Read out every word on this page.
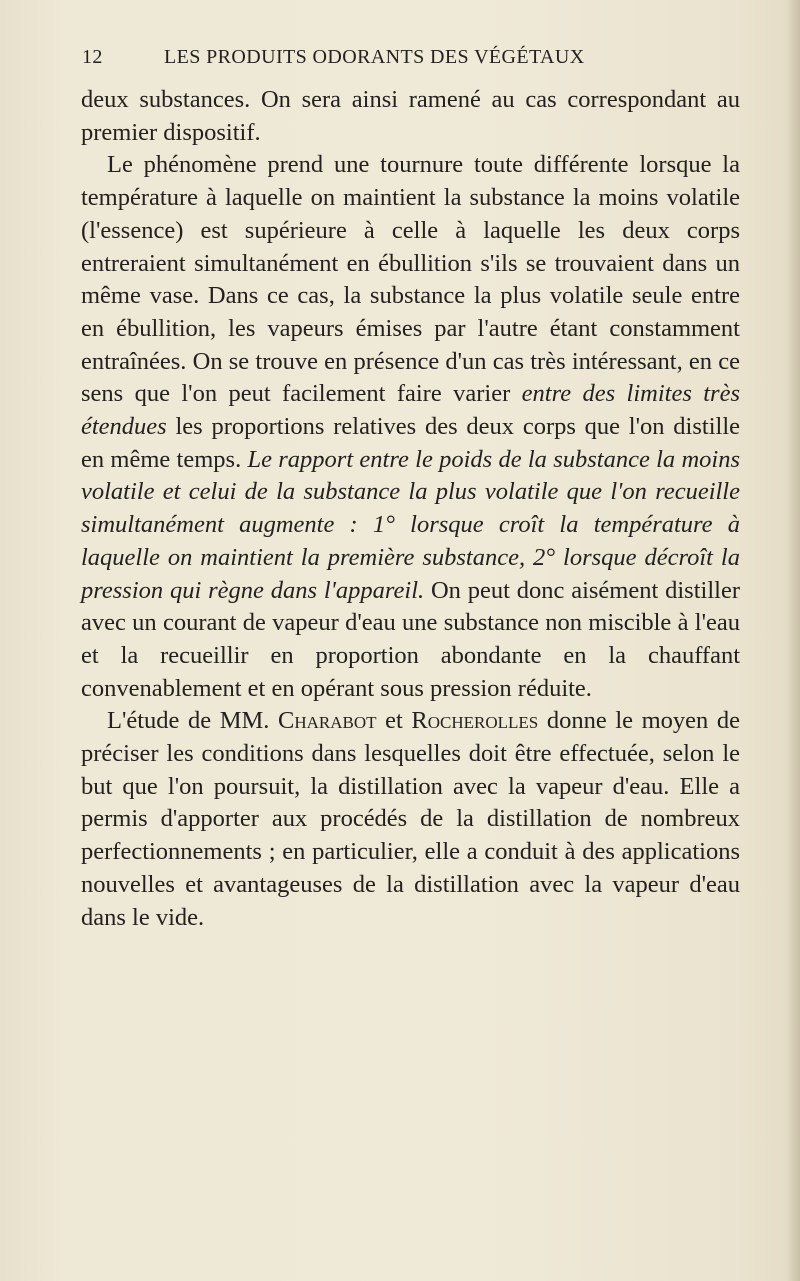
12	LES PRODUITS ODORANTS DES VÉGÉTAUX

deux substances. On sera ainsi ramené au cas correspondant au premier dispositif.

Le phénomène prend une tournure toute différente lorsque la température à laquelle on maintient la substance la moins volatile (l'essence) est supérieure à celle à laquelle les deux corps entreraient simultanément en ébullition s'ils se trouvaient dans un même vase. Dans ce cas, la substance la plus volatile seule entre en ébullition, les vapeurs émises par l'autre étant constamment entraînées. On se trouve en présence d'un cas très intéressant, en ce sens que l'on peut facilement faire varier entre des limites très étendues les proportions relatives des deux corps que l'on distille en même temps. Le rapport entre le poids de la substance la moins volatile et celui de la substance la plus volatile que l'on recueille simultanément augmente : 1° lorsque croît la température à laquelle on maintient la première substance, 2° lorsque décroît la pression qui règne dans l'appareil. On peut donc aisément distiller avec un courant de vapeur d'eau une substance non miscible à l'eau et la recueillir en proportion abondante en la chauffant convenablement et en opérant sous pression réduite.

L'étude de MM. Charabot et Rocherolles donne le moyen de préciser les conditions dans lesquelles doit être effectuée, selon le but que l'on poursuit, la distillation avec la vapeur d'eau. Elle a permis d'apporter aux procédés de la distillation de nombreux perfectionnements ; en particulier, elle a conduit à des applications nouvelles et avantageuses de la distillation avec la vapeur d'eau dans le vide.
